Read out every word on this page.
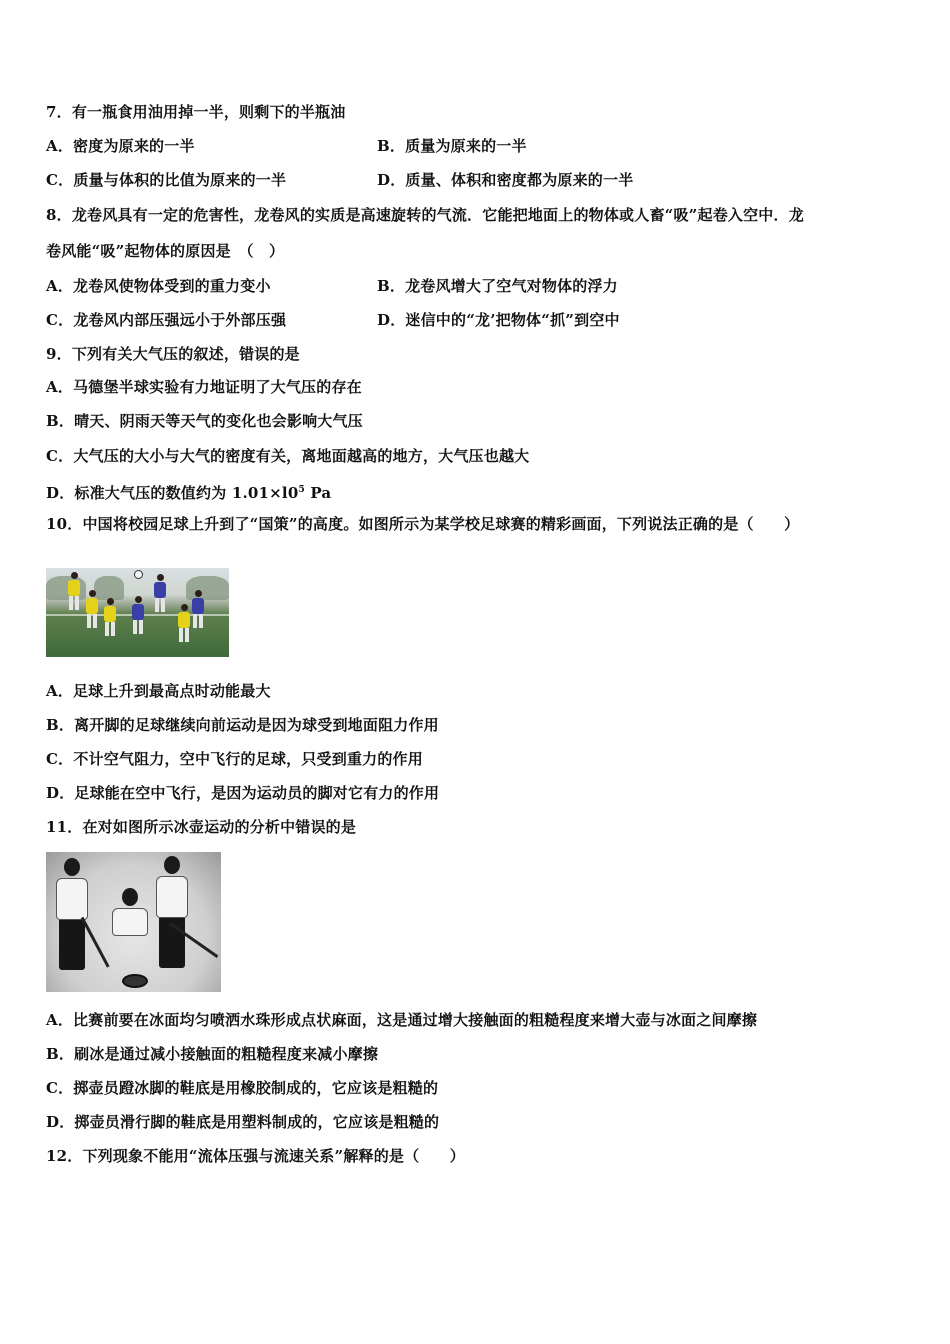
7．有一瓶食用油用掉一半，则剩下的半瓶油
A．密度为原来的一半	B．质量为原来的一半
C．质量与体积的比值为原来的一半	D．质量、体积和密度都为原来的一半
8．龙卷风具有一定的危害性，龙卷风的实质是高速旋转的气流．它能把地面上的物体或人畜“吸”起卷入空中．龙
卷风能“吸”起物体的原因是　（　）
A．龙卷风使物体受到的重力变小	B．龙卷风增大了空气对物体的浮力
C．龙卷风内部压强远小于外部压强	D．迷信中的“龙’把物体“抓”到空中
9．下列有关大气压的叙述，错误的是
A．马德堡半球实验有力地证明了大气压的存在
B．晴天、阴雨天等天气的变化也会影响大气压
C．大气压的大小与大气的密度有关，离地面越高的地方，大气压也越大
D．标准大气压的数值约为 $1.01\times l0^5$ Pa
10．中国将校园足球上升到了“国策”的高度。如图所示为某学校足球赛的精彩画面，下列说法正确的是（　　）
A．足球上升到最高点时动能最大
B．离开脚的足球继续向前运动是因为球受到地面阻力作用
C．不计空气阻力，空中飞行的足球，只受到重力的作用
D．足球能在空中飞行，是因为运动员的脚对它有力的作用
11．在对如图所示冰壶运动的分析中错误的是
A．比赛前要在冰面均匀喷洒水珠形成点状麻面，这是通过增大接触面的粗糙程度来增大壶与冰面之间摩擦
B．刷冰是通过减小接触面的粗糙程度来减小摩擦
C．掷壶员蹬冰脚的鞋底是用橡胶制成的，它应该是粗糙的
D．掷壶员滑行脚的鞋底是用塑料制成的，它应该是粗糙的
12．下列现象不能用“流体压强与流速关系”解释的是（　　）
